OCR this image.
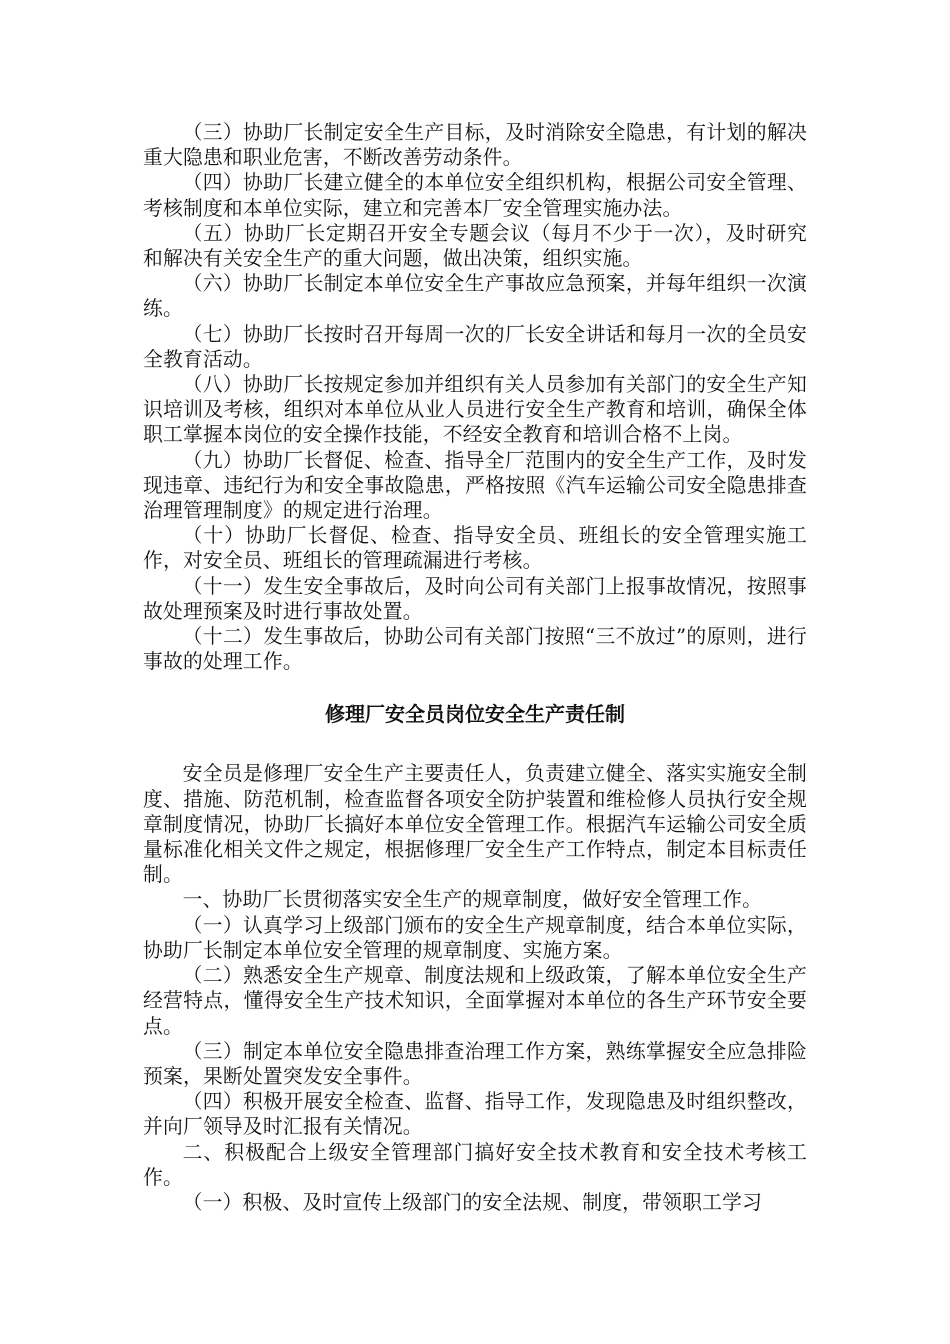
（三）协助厂长制定安全生产目标，及时消除安全隐患，有计划的解决重大隐患和职业危害，不断改善劳动条件。

（四）协助厂长建立健全的本单位安全组织机构，根据公司安全管理、考核制度和本单位实际，建立和完善本厂安全管理实施办法。

（五）协助厂长定期召开安全专题会议（每月不少于一次），及时研究和解决有关安全生产的重大问题，做出决策，组织实施。

（六）协助厂长制定本单位安全生产事故应急预案，并每年组织一次演练。

（七）协助厂长按时召开每周一次的厂长安全讲话和每月一次的全员安全教育活动。

（八）协助厂长按规定参加并组织有关人员参加有关部门的安全生产知识培训及考核，组织对本单位从业人员进行安全生产教育和培训，确保全体职工掌握本岗位的安全操作技能，不经安全教育和培训合格不上岗。

（九）协助厂长督促、检查、指导全厂范围内的安全生产工作，及时发现违章、违纪行为和安全事故隐患，严格按照《汽车运输公司安全隐患排查治理管理制度》的规定进行治理。

（十）协助厂长督促、检查、指导安全员、班组长的安全管理实施工作，对安全员、班组长的管理疏漏进行考核。

（十一）发生安全事故后，及时向公司有关部门上报事故情况，按照事故处理预案及时进行事故处置。

（十二）发生事故后，协助公司有关部门按照“三不放过”的原则，进行事故的处理工作。

修理厂安全员岗位安全生产责任制

安全员是修理厂安全生产主要责任人，负责建立健全、落实实施安全制度、措施、防范机制，检查监督各项安全防护装置和维检修人员执行安全规章制度情况，协助厂长搞好本单位安全管理工作。根据汽车运输公司安全质量标准化相关文件之规定，根据修理厂安全生产工作特点，制定本目标责任制。

一、协助厂长贯彻落实安全生产的规章制度，做好安全管理工作。

（一）认真学习上级部门颁布的安全生产规章制度，结合本单位实际，协助厂长制定本单位安全管理的规章制度、实施方案。

（二）熟悉安全生产规章、制度法规和上级政策，了解本单位安全生产经营特点，懂得安全生产技术知识，全面掌握对本单位的各生产环节安全要点。

（三）制定本单位安全隐患排查治理工作方案，熟练掌握安全应急排险预案，果断处置突发安全事件。

（四）积极开展安全检查、监督、指导工作，发现隐患及时组织整改，并向厂领导及时汇报有关情况。

二、积极配合上级安全管理部门搞好安全技术教育和安全技术考核工作。

（一）积极、及时宣传上级部门的安全法规、制度，带领职工学习
